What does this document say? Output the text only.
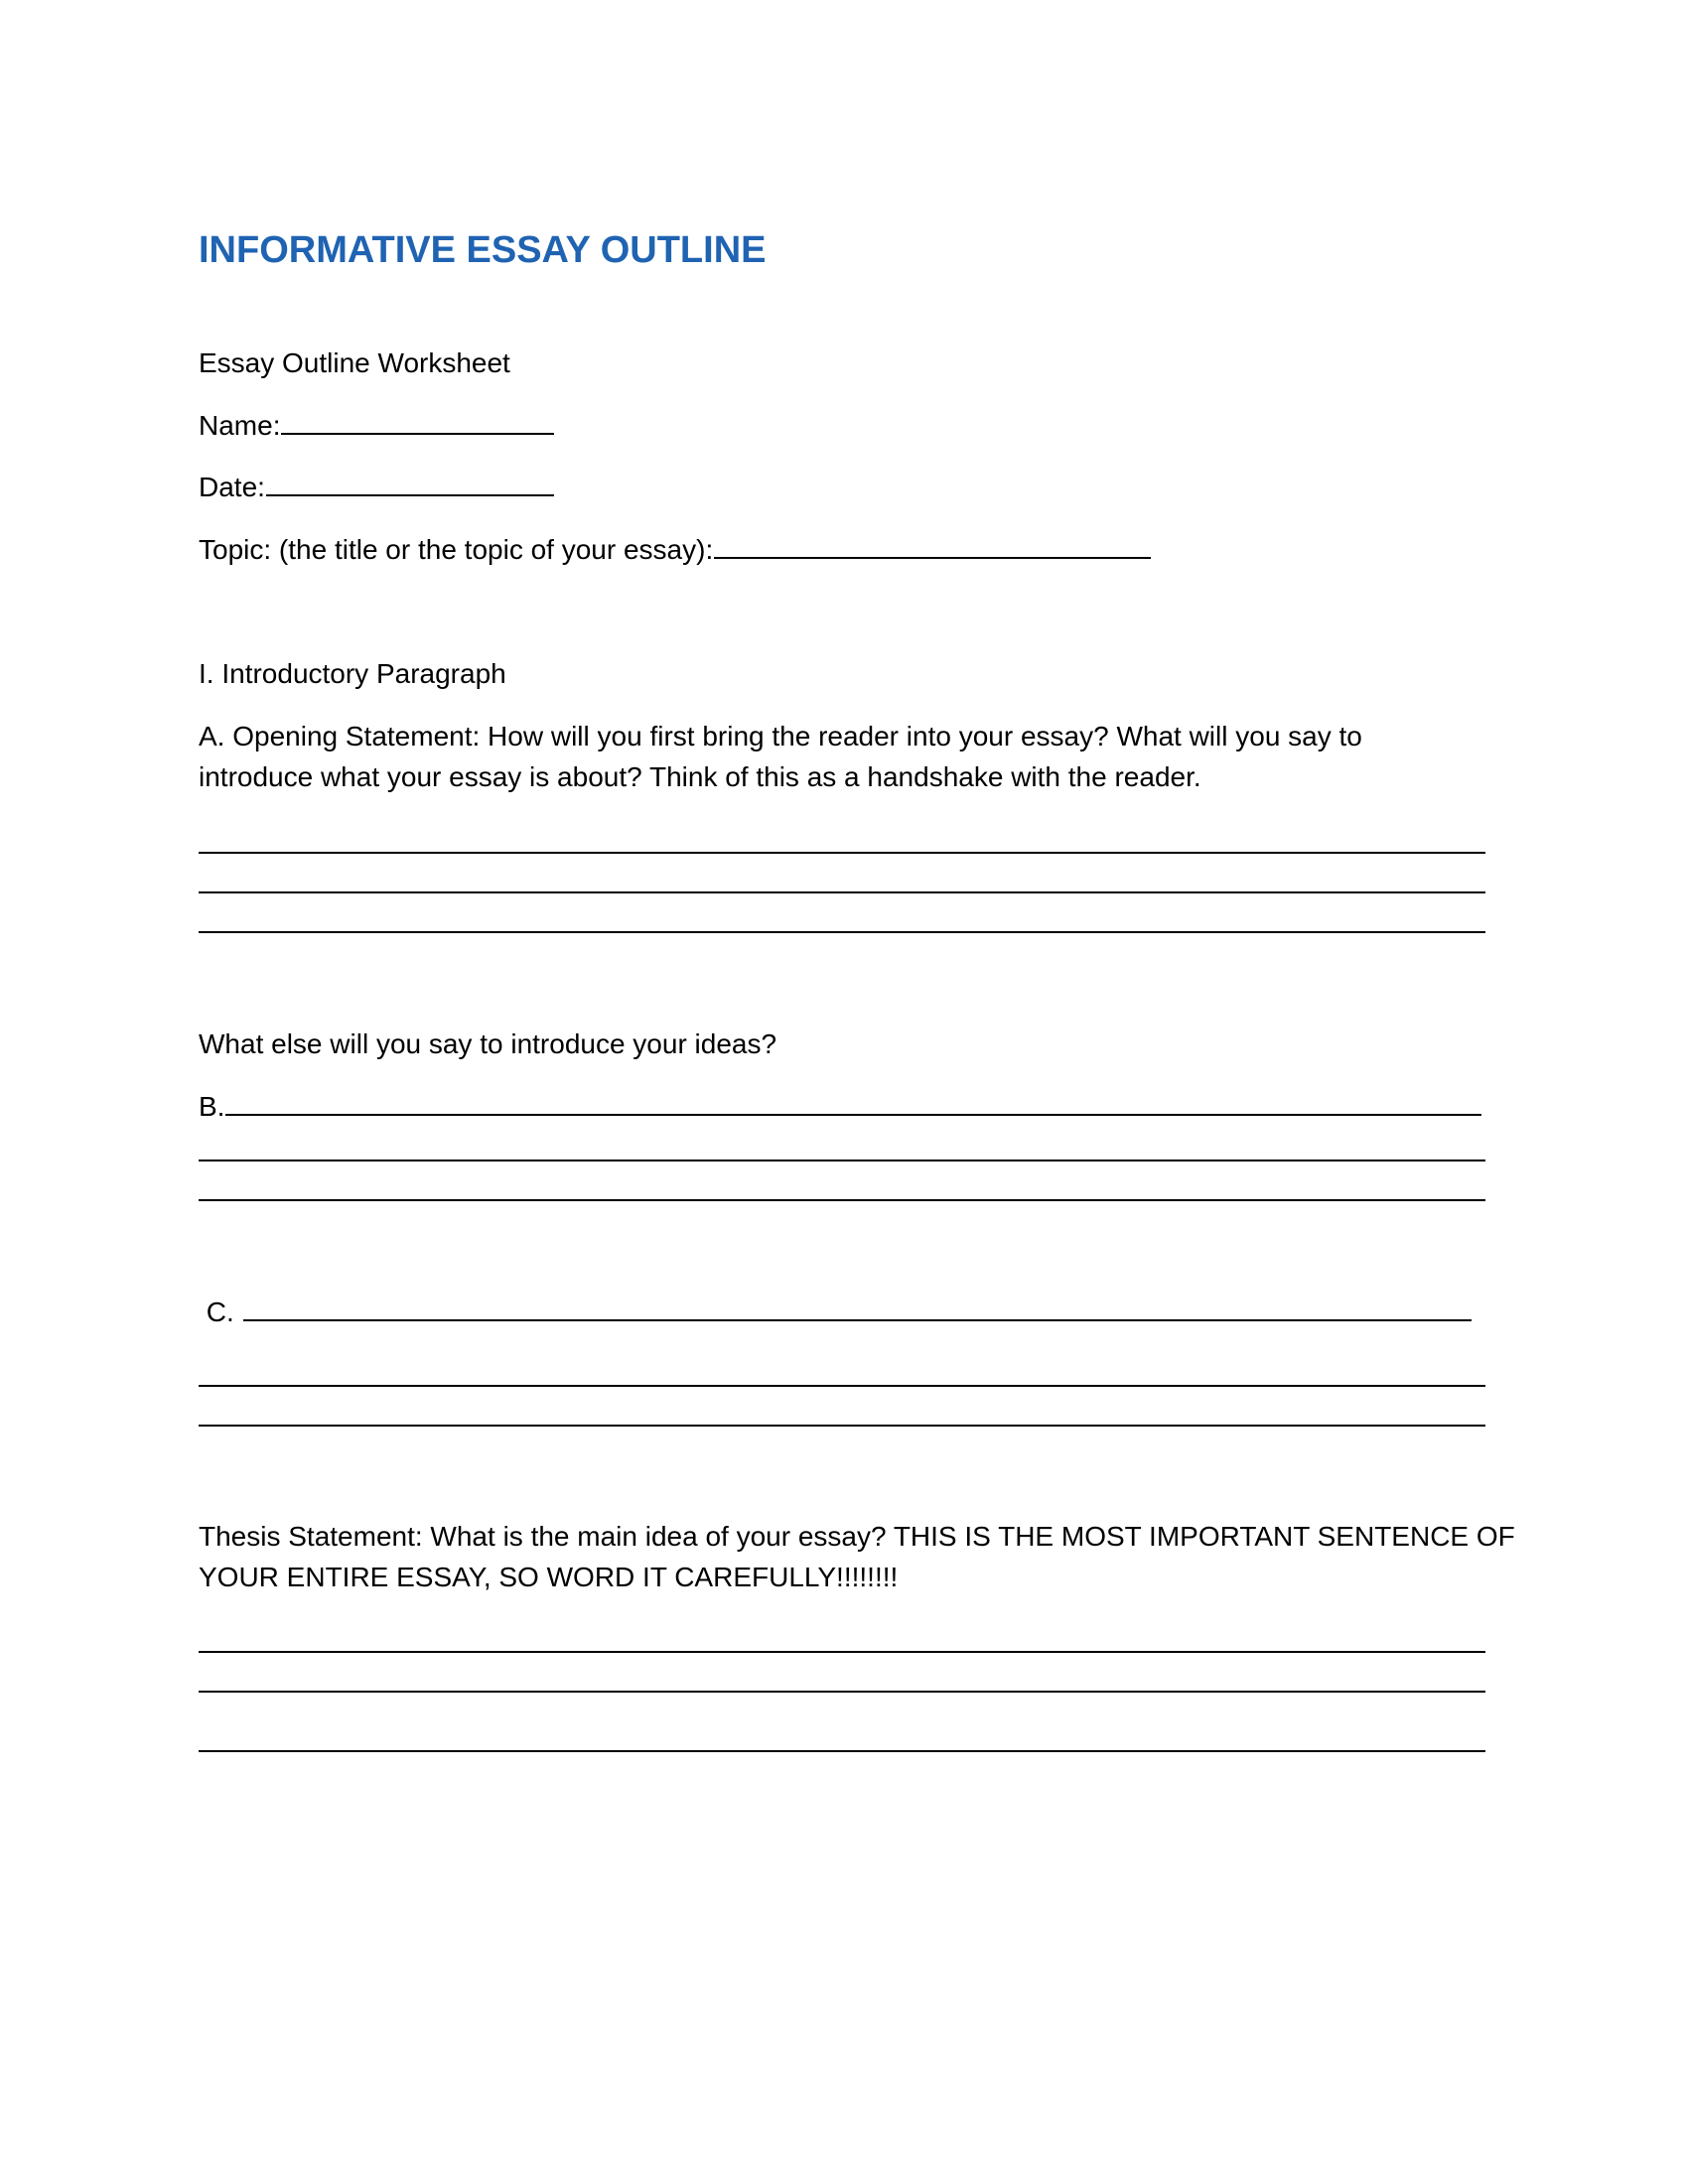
INFORMATIVE ESSAY OUTLINE

Essay Outline Worksheet

Name:

Date:

Topic: (the title or the topic of your essay):

I. Introductory Paragraph

A. Opening Statement: How will you first bring the reader into your essay? What will you say to

introduce what your essay is about? Think of this as a handshake with the reader.

What else will you say to introduce your ideas?

B.

C.

Thesis Statement: What is the main idea of your essay? THIS IS THE MOST IMPORTANT SENTENCE OF

YOUR ENTIRE ESSAY, SO WORD IT CAREFULLY!!!!!!!!
